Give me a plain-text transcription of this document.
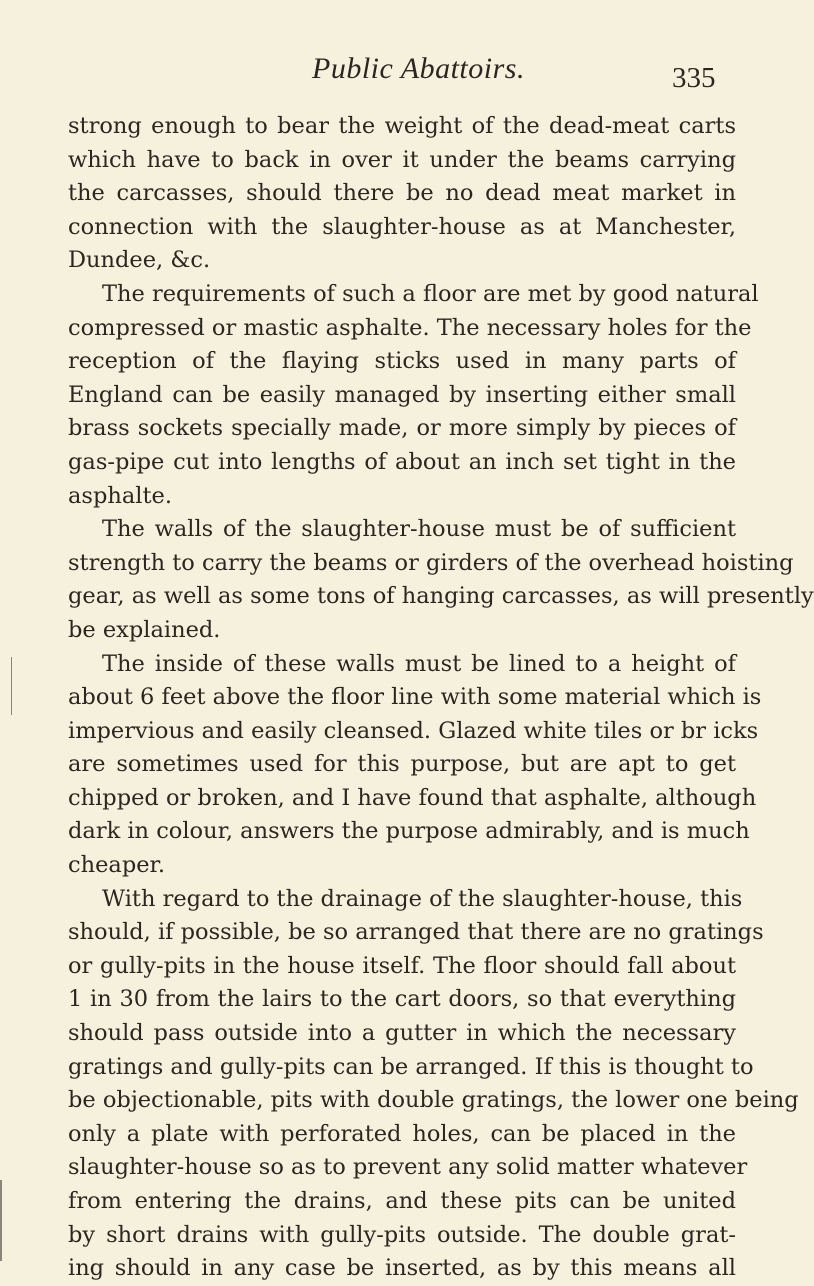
Public Abattoirs.	335
strong enough to bear the weight of the dead-meat carts
which have to back in over it under the beams carrying
the carcasses, should there be no dead meat market in
connection with the slaughter-house as at Manchester,
Dundee, &c.
The requirements of such a floor are met by good natural
compressed or mastic asphalte. The necessary holes for the
reception of the flaying sticks used in many parts of
England can be easily managed by inserting either small
brass sockets specially made, or more simply by pieces of
gas-pipe cut into lengths of about an inch set tight in the
asphalte.
The walls of the slaughter-house must be of sufficient
strength to carry the beams or girders of the overhead hoisting
gear, as well as some tons of hanging carcasses, as will presently
be explained.
The inside of these walls must be lined to a height of
about 6 feet above the floor line with some material which is
impervious and easily cleansed. Glazed white tiles or br icks
are sometimes used for this purpose, but are apt to get
chipped or broken, and I have found that asphalte, although
dark in colour, answers the purpose admirably, and is much
cheaper.
With regard to the drainage of the slaughter-house, this
should, if possible, be so arranged that there are no gratings
or gully-pits in the house itself. The floor should fall about
1 in 30 from the lairs to the cart doors, so that everything
should pass outside into a gutter in which the necessary
gratings and gully-pits can be arranged. If this is thought to
be objectionable, pits with double gratings, the lower one being
only a plate with perforated holes, can be placed in the
slaughter-house so as to prevent any solid matter whatever
from entering the drains, and these pits can be united
by short drains with gully-pits outside. The double grat-
ing should in any case be inserted, as by this means all
